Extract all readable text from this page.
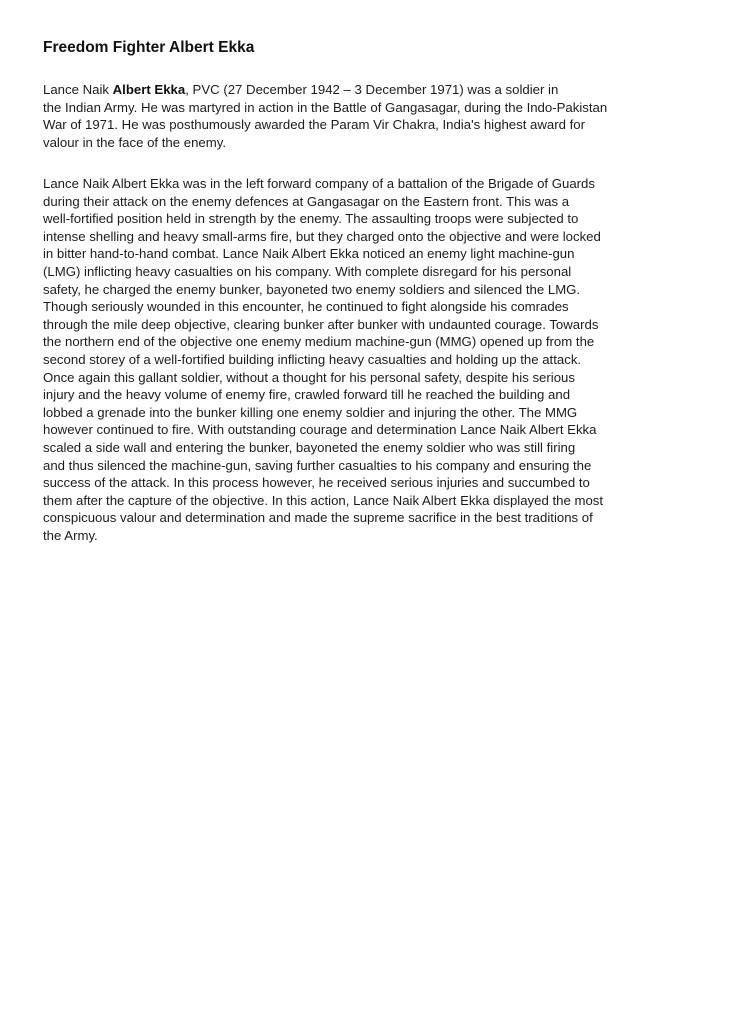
Freedom Fighter Albert Ekka
Lance Naik Albert Ekka, PVC (27 December 1942 – 3 December 1971) was a soldier in
the Indian Army. He was martyred in action in the Battle of Gangasagar, during the Indo-Pakistan
War of 1971. He was posthumously awarded the Param Vir Chakra, India's highest award for
valour in the face of the enemy.
Lance Naik Albert Ekka was in the left forward company of a battalion of the Brigade of Guards
during their attack on the enemy defences at Gangasagar on the Eastern front. This was a
well-fortified position held in strength by the enemy. The assaulting troops were subjected to
intense shelling and heavy small-arms fire, but they charged onto the objective and were locked
in bitter hand-to-hand combat. Lance Naik Albert Ekka noticed an enemy light machine-gun
(LMG) inflicting heavy casualties on his company. With complete disregard for his personal
safety, he charged the enemy bunker, bayoneted two enemy soldiers and silenced the LMG.
Though seriously wounded in this encounter, he continued to fight alongside his comrades
through the mile deep objective, clearing bunker after bunker with undaunted courage. Towards
the northern end of the objective one enemy medium machine-gun (MMG) opened up from the
second storey of a well-fortified building inflicting heavy casualties and holding up the attack.
Once again this gallant soldier, without a thought for his personal safety, despite his serious
injury and the heavy volume of enemy fire, crawled forward till he reached the building and
lobbed a grenade into the bunker killing one enemy soldier and injuring the other. The MMG
however continued to fire. With outstanding courage and determination Lance Naik Albert Ekka
scaled a side wall and entering the bunker, bayoneted the enemy soldier who was still firing
and thus silenced the machine-gun, saving further casualties to his company and ensuring the
success of the attack. In this process however, he received serious injuries and succumbed to
them after the capture of the objective. In this action, Lance Naik Albert Ekka displayed the most
conspicuous valour and determination and made the supreme sacrifice in the best traditions of
the Army.
